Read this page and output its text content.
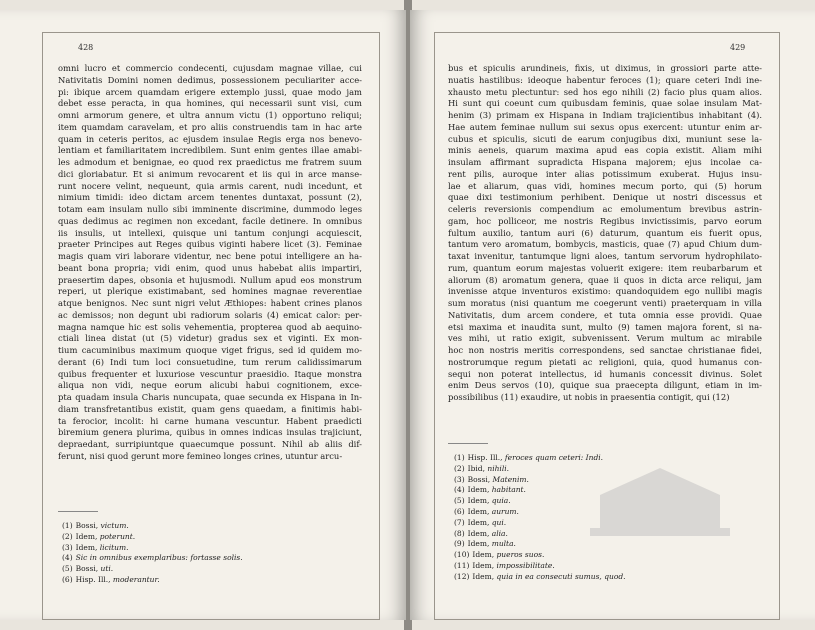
428
omni lucro et commercio condecenti, cujusdam magnae villae, cui
Nativitatis Domini nomen dedimus, possessionem peculiariter acce-
pi: ibique arcem quamdam erigere extemplo jussi, quae modo jam
debet esse peracta, in qua homines, qui necessarii sunt visi, cum
omni armorum genere, et ultra annum victu (1) opportuno reliqui;
item quamdam caravelam, et pro aliis construendis tam in hac arte
quam in ceteris peritos, ac ejusdem insulae Regis erga nos benevo-
lentiam et familiaritatem incredibilem. Sunt enim gentes illae amabi-
les admodum et benignae, eo quod rex praedictus me fratrem suum
dici gloriabatur. Et si animum revocarent et iis qui in arce manse-
runt nocere velint, nequeunt, quia armis carent, nudi incedunt, et
nimium timidi: ideo dictam arcem tenentes duntaxat, possunt (2),
totam eam insulam nullo sibi imminente discrimine, dummodo leges
quas dedimus ac regimen non excedant, facile detinere. In omnibus
iis insulis, ut intellexi, quisque uni tantum conjungi acquiescit,
praeter Principes aut Reges quibus viginti habere licet (3). Feminae
magis quam viri laborare videntur, nec bene potui intelligere an ha-
beant bona propria; vidi enim, quod unus habebat aliis impartiri,
praesertim dapes, obsonia et hujusmodi. Nullum apud eos monstrum
reperi, ut plerique existimabant, sed homines magnae reverentiae
atque benignos. Nec sunt nigri velut Æthiopes: habent crines planos
ac demissos; non degunt ubi radiorum solaris (4) emicat calor: per-
magna namque hic est solis vehementia, propterea quod ab aequino-
ctiali linea distat (ut (5) videtur) gradus sex et viginti. Ex mon-
tium cacuminibus maximum quoque viget frigus, sed id quidem mo-
derant (6) Indi tum loci consuetudine, tum rerum calidissimarum
quibus frequenter et luxuriose vescuntur praesidio. Itaque monstra
aliqua non vidi, neque eorum alicubi habui cognitionem, exce-
pta quadam insula Charis nuncupata, quae secunda ex Hispana in In-
diam transfretantibus existit, quam gens quaedam, a finitimis habi-
ta ferocior, incolit: hi carne humana vescuntur. Habent praedicti
biremium genera plurima, quibus in omnes indicas insulas trajiciunt,
depraedant, surripiuntque quaecumque possunt. Nihil ab aliis dif-
ferunt, nisi quod gerunt more femineo longes crines, utuntur arcu-
(1) Bossi, victum.
(2) Idem, poterunt.
(3) Idem, licitum.
(4) Sic in omnibus exemplaribus: fortasse solis.
(5) Bossi, uti.
(6) Hisp. Ill., moderantur.
429
bus et spiculis arundineis, fixis, ut diximus, in grossiori parte atte-
nuatis hastilibus: ideoque habentur feroces (1); quare ceteri Indi ine-
xhausto metu plectuntur: sed hos ego nihili (2) facio plus quam alios.
Hi sunt qui coeunt cum quibusdam feminis, quae solae insulam Mat-
henim (3) primam ex Hispana in Indiam trajicientibus inhabitant (4).
Hae autem feminae nullum sui sexus opus exercent: utuntur enim ar-
cubus et spiculis, sicuti de earum conjugibus dixi, muniunt sese la-
minis aeneis, quarum maxima apud eas copia existit. Aliam mihi
insulam affirmant supradicta Hispana majorem; ejus incolae ca-
rent pilis, auroque inter alias potissimum exuberat. Hujus insu-
lae et aliarum, quas vidi, homines mecum porto, qui (5) horum
quae dixi testimonium perhibent. Denique ut nostri discessus et
celeris reversionis compendium ac emolumentum brevibus astrin-
gam, hoc polliceor, me nostris Regibus invictissimis, parvo eorum
fultum auxilio, tantum auri (6) daturum, quantum eis fuerit opus,
tantum vero aromatum, bombycis, masticis, quae (7) apud Chium dum-
taxat invenitur, tantumque ligni aloes, tantum servorum hydrophilato-
rum, quantum eorum majestas voluerit exigere: item reubarbarum et
aliorum (8) aromatum genera, quae ii quos in dicta arce reliqui, jam
invenisse atque inventuros existimo: quandoquidem ego nullibi magis
sum moratus (nisi quantum me coegerunt venti) praeterquam in villa
Nativitatis, dum arcem condere, et tuta omnia esse providi. Quae
etsi maxima et inaudita sunt, multo (9) tamen majora forent, si na-
ves mihi, ut ratio exigit, subvenissent. Verum multum ac mirabile
hoc non nostris meritis correspondens, sed sanctae christianae fidei,
nostrorumque regum pietati ac religioni, quia, quod humanus con-
sequi non poterat intellectus, id humanis concessit divinus. Solet
enim Deus servos (10), quique sua praecepta diligunt, etiam in im-
possibilibus (11) exaudire, ut nobis in praesentia contigit, qui (12)
(1) Hisp. Ill., feroces quam ceteri: Indi.
(2) Ibid, nihili.
(3) Bossi, Matenim.
(4) Idem, habitant.
(5) Idem, quia.
(6) Idem, aurum.
(7) Idem, qui.
(8) Idem, alia.
(9) Idem, multa.
(10) Idem, pueros suos.
(11) Idem, impossibilitate.
(12) Idem, quia in ea consecuti sumus, quod.
